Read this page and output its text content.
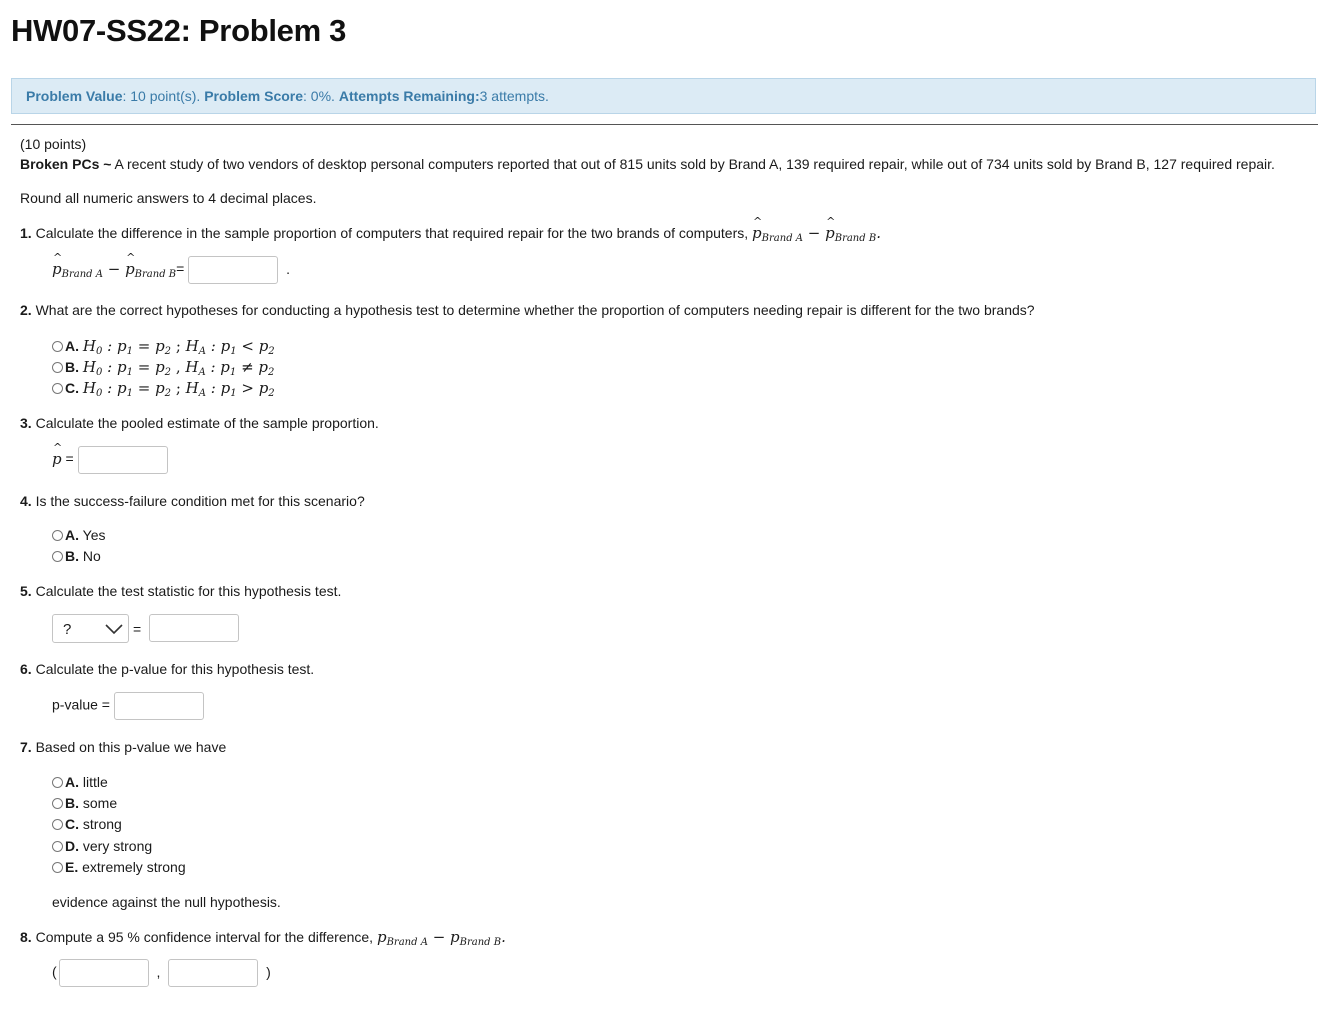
HW07-SS22: Problem 3
Problem Value : 10 point(s).
Problem Score : 0%.
Attempts Remaining: 3 attempts.
(10 points)
Broken PCs ~ A recent study of two vendors of desktop personal computers reported that out of 815 units sold by Brand A, 139 required repair, while out of 734 units sold by Brand B, 127 required repair.
Round all numeric answers to 4 decimal places.
1. Calculate the difference in the sample proportion of computers that required repair for the two brands of computers, ^ $p_{Brand A}$ − ^ $p_{Brand B}$.
^ $p_{Brand A}$ − ^ $p_{Brand B}=$	.
2. What are the correct hypotheses for conducting a hypothesis test to determine whether the proportion of computers needing repair is different for the two brands?
A. $H_0$ : $p_1 = p_2$ ; $H_A$ : $p_1 < p_2$
B. $H_0$ : $p_1 = p_2$ , $H_A$ : $p_1 \ne p_2$
C. $H_0$ : $p_1 = p_2$ ; $H_A$ : $p_1 > p_2$
3. Calculate the pooled estimate of the sample proportion.
^ p =
4. Is the success-failure condition met for this scenario?
A. Yes
B. No
5. Calculate the test statistic for this hypothesis test.
?	=
6. Calculate the p-value for this hypothesis test.
p-value =
7. Based on this p-value we have
A. little
B. some
C. strong
D. very strong
E. extremely strong
evidence against the null hypothesis.
8. Compute a 95 % confidence interval for the difference, $p_{Brand A} - p_{Brand B}$.
(	,	)
